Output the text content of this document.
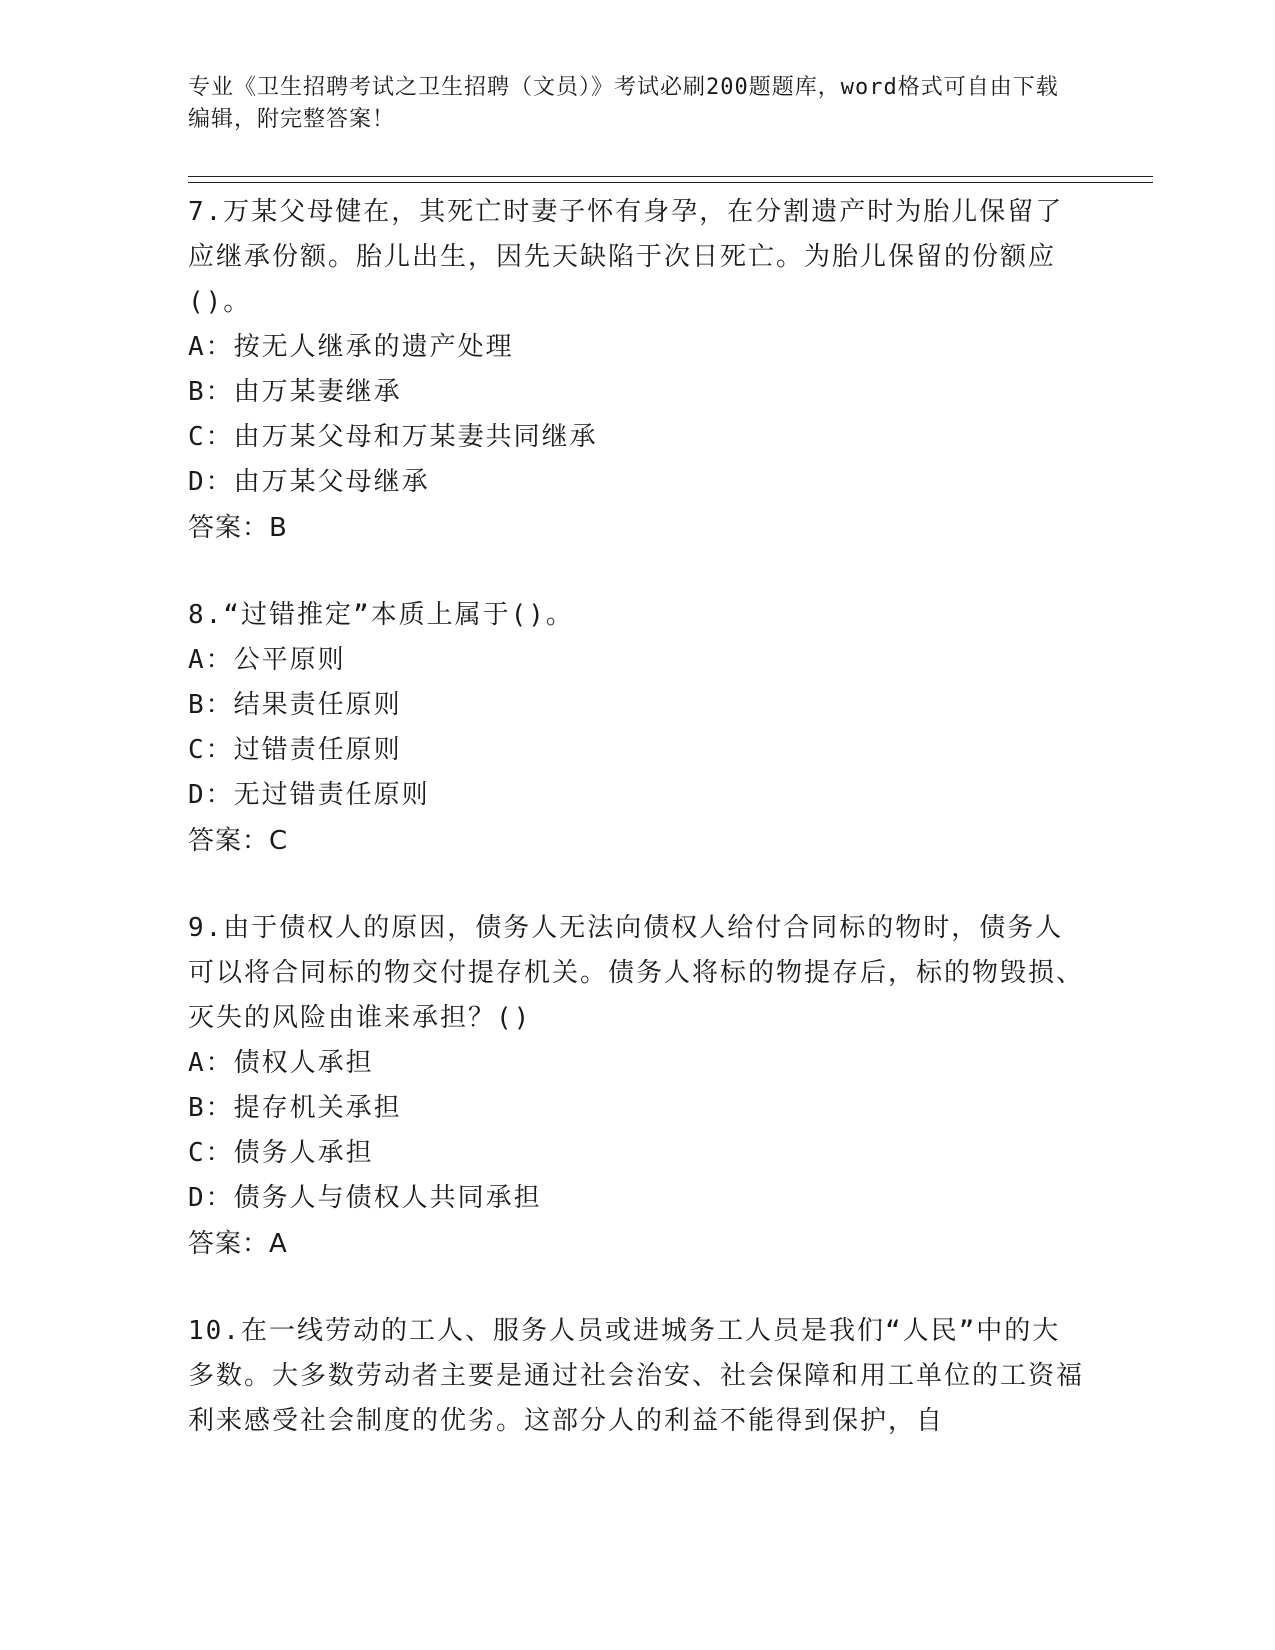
专业《卫生招聘考试之卫生招聘（文员）》考试必刷200题题库，word格式可自由下载编辑，附完整答案！

7.万某父母健在，其死亡时妻子怀有身孕，在分割遗产时为胎儿保留了应继承份额。胎儿出生，因先天缺陷于次日死亡。为胎儿保留的份额应()。

A：按无人继承的遗产处理

B：由万某妻继承

C：由万某父母和万某妻共同继承

D：由万某父母继承

答案：B

8.“过错推定”本质上属于()。

A：公平原则

B：结果责任原则

C：过错责任原则

D：无过错责任原则

答案：C

9.由于债权人的原因，债务人无法向债权人给付合同标的物时，债务人可以将合同标的物交付提存机关。债务人将标的物提存后，标的物毁损、灭失的风险由谁来承担？()

A：债权人承担

B：提存机关承担

C：债务人承担

D：债务人与债权人共同承担

答案：A

10.在一线劳动的工人、服务人员或进城务工人员是我们“人民”中的大多数。大多数劳动者主要是通过社会治安、社会保障和用工单位的工资福利来感受社会制度的优劣。这部分人的利益不能得到保护，自
